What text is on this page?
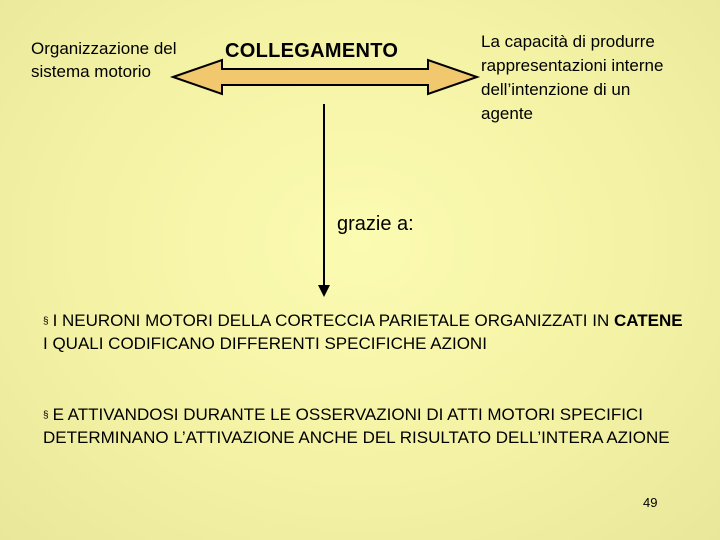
Organizzazione del sistema motorio

COLLEGAMENTO	La capacità di produrre rappresentazioni interne dell’intenzione di un agente

grazie a:

§ I NEURONI MOTORI DELLA CORTECCIA PARIETALE ORGANIZZATI IN CATENE I QUALI CODIFICANO DIFFERENTI SPECIFICHE AZIONI
§ E ATTIVANDOSI DURANTE LE OSSERVAZIONI DI ATTI MOTORI SPECIFICI DETERMINANO L’ATTIVAZIONE ANCHE DEL RISULTATO DELL’INTERA AZIONE
49
